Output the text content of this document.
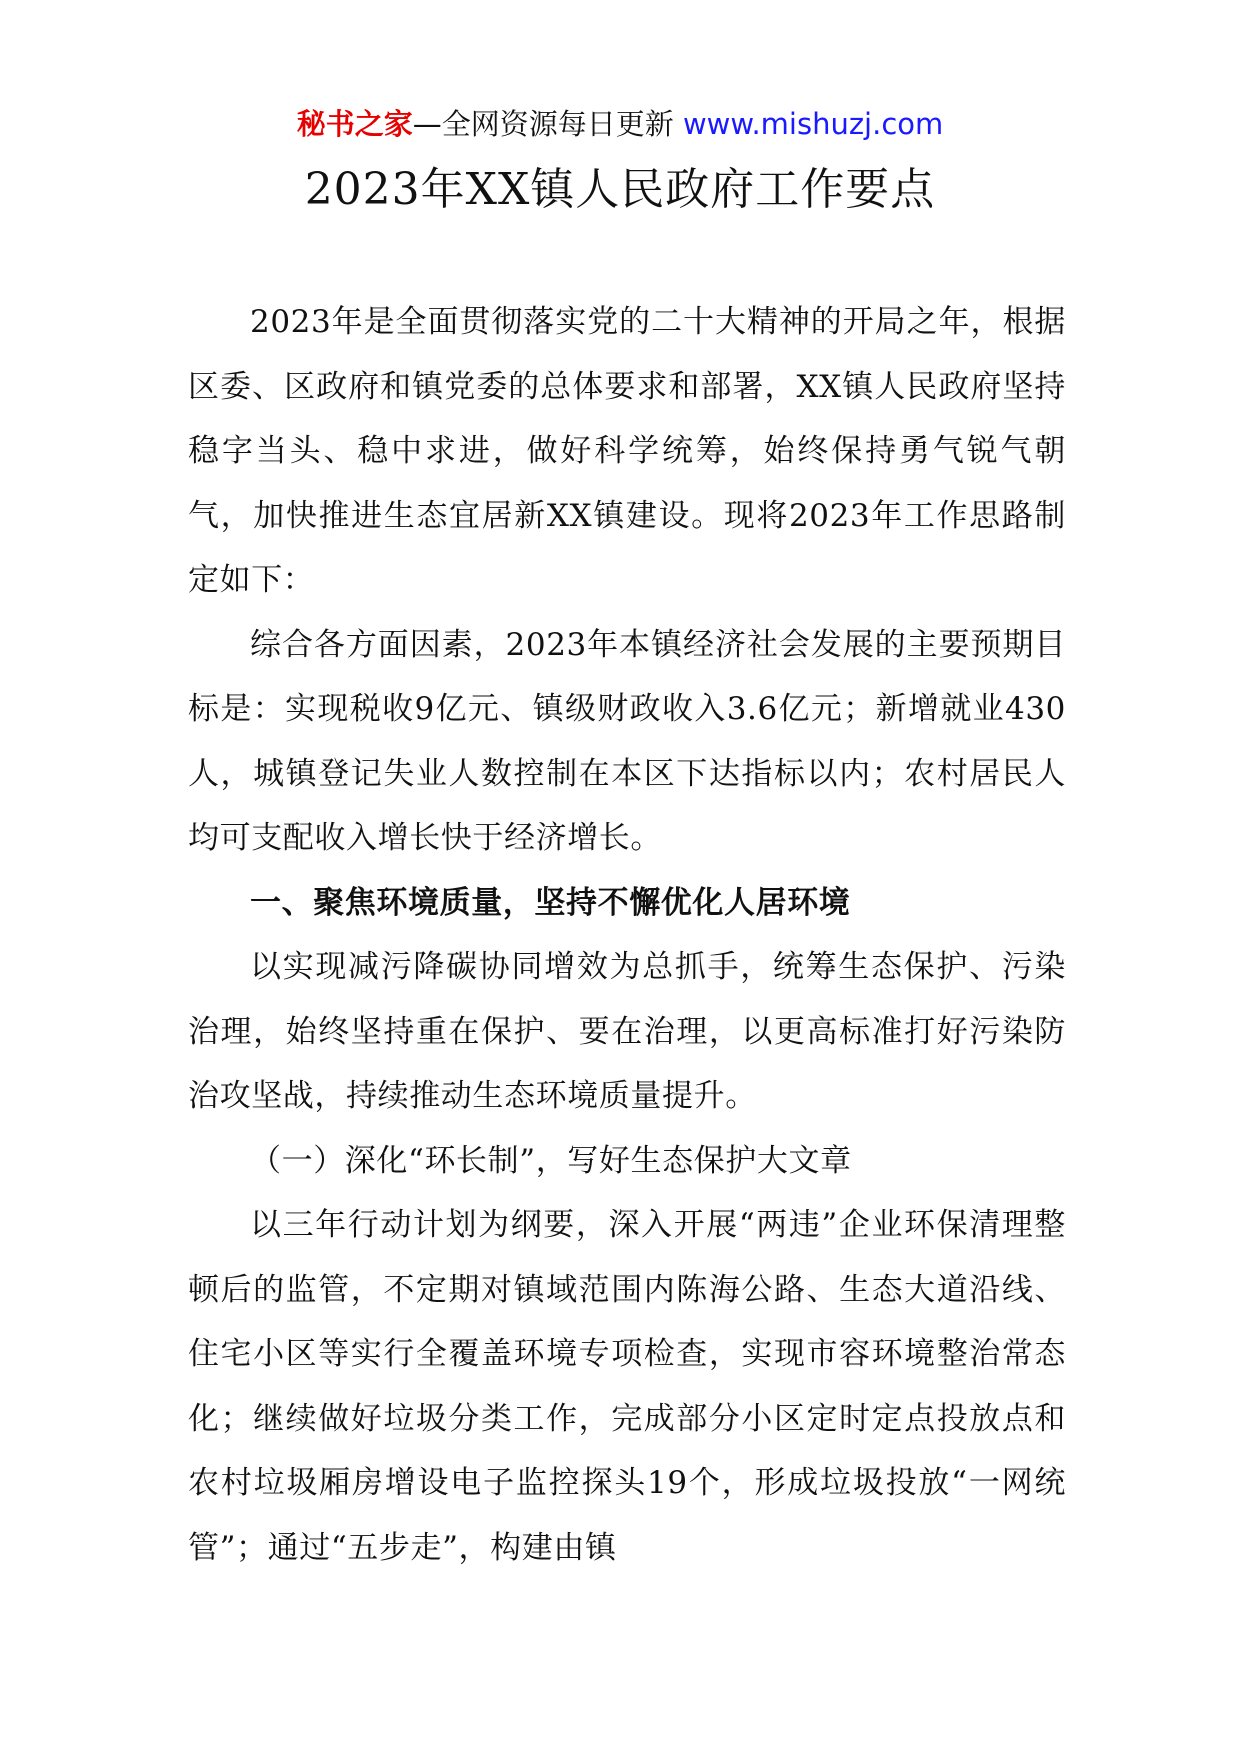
秘书之家—全网资源每日更新 www.mishuzj.com
2023年XX镇人民政府工作要点

2023年是全面贯彻落实党的二十大精神的开局之年，根据区委、区政府和镇党委的总体要求和部署，XX镇人民政府坚持稳字当头、稳中求进，做好科学统筹，始终保持勇气锐气朝气，加快推进生态宜居新XX镇建设。现将2023年工作思路制定如下：

综合各方面因素，2023年本镇经济社会发展的主要预期目标是：实现税收9亿元、镇级财政收入3.6亿元；新增就业430人，城镇登记失业人数控制在本区下达指标以内；农村居民人均可支配收入增长快于经济增长。

一、聚焦环境质量，坚持不懈优化人居环境

以实现减污降碳协同增效为总抓手，统筹生态保护、污染治理，始终坚持重在保护、要在治理，以更高标准打好污染防治攻坚战，持续推动生态环境质量提升。

（一）深化“环长制”，写好生态保护大文章

以三年行动计划为纲要，深入开展“两违”企业环保清理整顿后的监管，不定期对镇域范围内陈海公路、生态大道沿线、住宅小区等实行全覆盖环境专项检查，实现市容环境整治常态化；继续做好垃圾分类工作，完成部分小区定时定点投放点和农村垃圾厢房增设电子监控探头19个，形成垃圾投放“一网统管”；通过“五步走”，构建由镇
